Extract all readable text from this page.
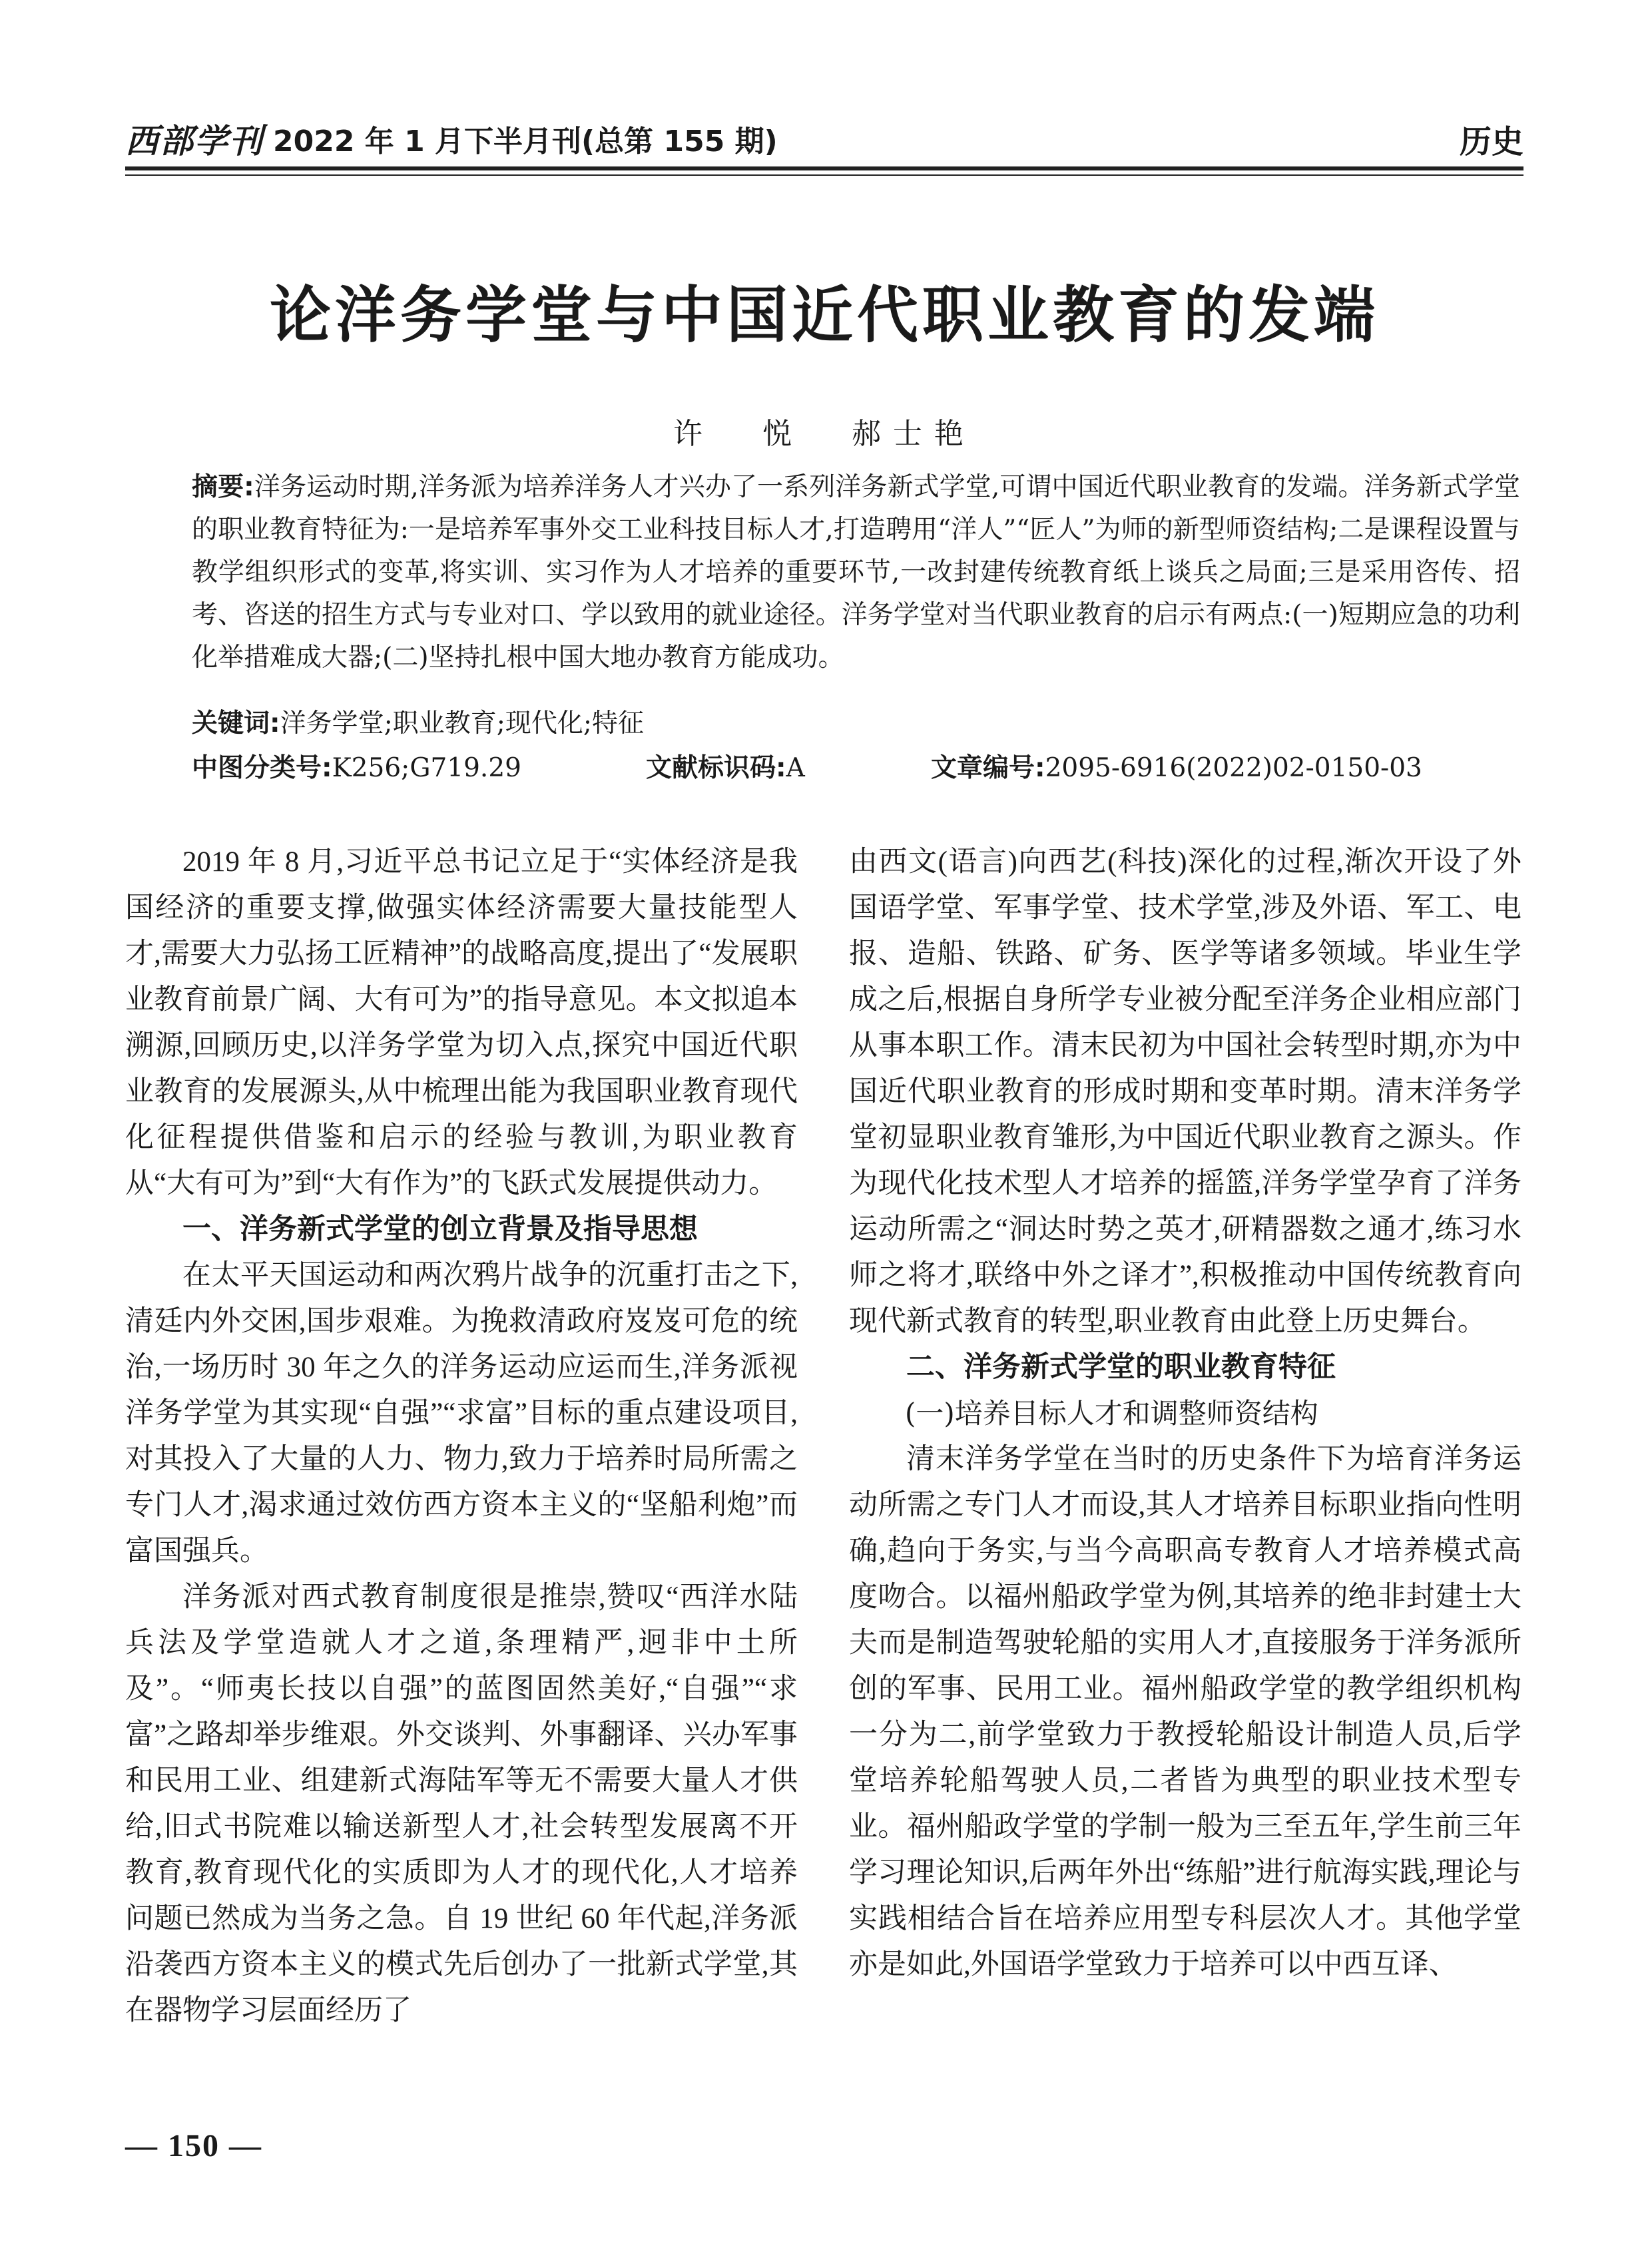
西部学刊 2022 年 1 月下半月刊(总第 155 期)	历史
论洋务学堂与中国近代职业教育的发端
许 悦 郝士艳
摘要:洋务运动时期,洋务派为培养洋务人才兴办了一系列洋务新式学堂,可谓中国近代职业教育的发端。洋务新式学堂的职业教育特征为:一是培养军事外交工业科技目标人才,打造聘用“洋人”“匠人”为师的新型师资结构;二是课程设置与教学组织形式的变革,将实训、实习作为人才培养的重要环节,一改封建传统教育纸上谈兵之局面;三是采用咨传、招考、咨送的招生方式与专业对口、学以致用的就业途径。洋务学堂对当代职业教育的启示有两点:(一)短期应急的功利化举措难成大器;(二)坚持扎根中国大地办教育方能成功。
关键词:洋务学堂;职业教育;现代化;特征
中图分类号:K256;G719.29	文献标识码:A	文章编号:2095-6916(2022)02-0150-03

2019 年 8 月,习近平总书记立足于“实体经济是我国经济的重要支撑,做强实体经济需要大量技能型人才,需要大力弘扬工匠精神”的战略高度,提出了“发展职业教育前景广阔、大有可为”的指导意见。本文拟追本溯源,回顾历史,以洋务学堂为切入点,探究中国近代职业教育的发展源头,从中梳理出能为我国职业教育现代化征程提供借鉴和启示的经验与教训,为职业教育从“大有可为”到“大有作为”的飞跃式发展提供动力。

一、洋务新式学堂的创立背景及指导思想

在太平天国运动和两次鸦片战争的沉重打击之下,清廷内外交困,国步艰难。为挽救清政府岌岌可危的统治,一场历时 30 年之久的洋务运动应运而生,洋务派视洋务学堂为其实现“自强”“求富”目标的重点建设项目,对其投入了大量的人力、物力,致力于培养时局所需之专门人才,渴求通过效仿西方资本主义的“坚船利炮”而富国强兵。

洋务派对西式教育制度很是推崇,赞叹“西洋水陆兵法及学堂造就人才之道,条理精严,迥非中土所及”。“师夷长技以自强”的蓝图固然美好,“自强”“求富”之路却举步维艰。外交谈判、外事翻译、兴办军事和民用工业、组建新式海陆军等无不需要大量人才供给,旧式书院难以输送新型人才,社会转型发展离不开教育,教育现代化的实质即为人才的现代化,人才培养问题已然成为当务之急。自 19 世纪 60 年代起,洋务派沿袭西方资本主义的模式先后创办了一批新式学堂,其在器物学习层面经历了

由西文(语言)向西艺(科技)深化的过程,渐次开设了外国语学堂、军事学堂、技术学堂,涉及外语、军工、电报、造船、铁路、矿务、医学等诸多领域。毕业生学成之后,根据自身所学专业被分配至洋务企业相应部门从事本职工作。清末民初为中国社会转型时期,亦为中国近代职业教育的形成时期和变革时期。清末洋务学堂初显职业教育雏形,为中国近代职业教育之源头。作为现代化技术型人才培养的摇篮,洋务学堂孕育了洋务运动所需之“洞达时势之英才,研精器数之通才,练习水师之将才,联络中外之译才”,积极推动中国传统教育向现代新式教育的转型,职业教育由此登上历史舞台。

二、洋务新式学堂的职业教育特征
(一)培养目标人才和调整师资结构

清末洋务学堂在当时的历史条件下为培育洋务运动所需之专门人才而设,其人才培养目标职业指向性明确,趋向于务实,与当今高职高专教育人才培养模式高度吻合。以福州船政学堂为例,其培养的绝非封建士大夫而是制造驾驶轮船的实用人才,直接服务于洋务派所创的军事、民用工业。福州船政学堂的教学组织机构一分为二,前学堂致力于教授轮船设计制造人员,后学堂培养轮船驾驶人员,二者皆为典型的职业技术型专业。福州船政学堂的学制一般为三至五年,学生前三年学习理论知识,后两年外出“练船”进行航海实践,理论与实践相结合旨在培养应用型专科层次人才。其他学堂亦是如此,外国语学堂致力于培养可以中西互译、

— 150 —
